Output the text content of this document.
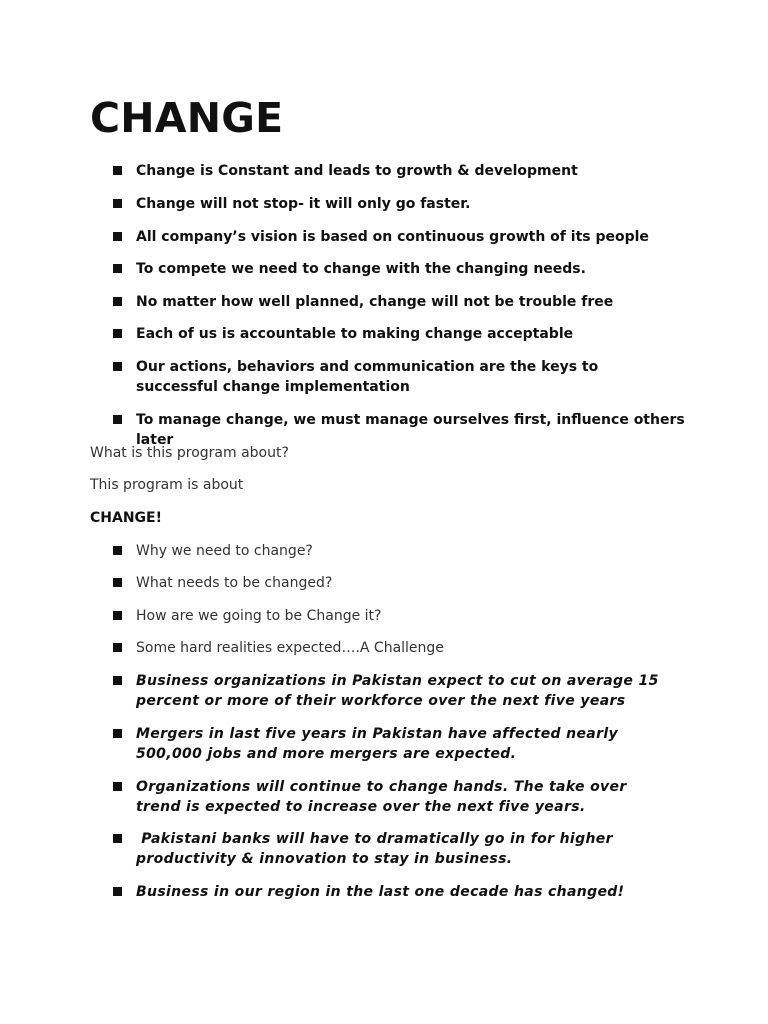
CHANGE
Change is Constant and leads to growth & development
Change will not stop- it will only go faster.
All company’s vision is based on continuous growth of its people
To compete we need to change with the changing needs.
No matter how well planned, change will not be trouble free
Each of us is accountable to making change acceptable
Our actions, behaviors and communication are the keys to successful change implementation
To manage change, we must manage ourselves first, influence others later

What is this program about?

This program is about

CHANGE!

Why we need to change?
What needs to be changed?
How are we going to be Change it?
Some hard realities expected….A Challenge
Business organizations in Pakistan expect to cut on average 15 percent or more of their workforce over the next five years
Mergers in last five years in Pakistan have affected nearly 500,000 jobs and more mergers are expected.
Organizations will continue to change hands. The take over trend is expected to increase over the next five years.
Pakistani banks will have to dramatically go in for higher productivity & innovation to stay in business.
Business in our region in the last one decade has changed!
